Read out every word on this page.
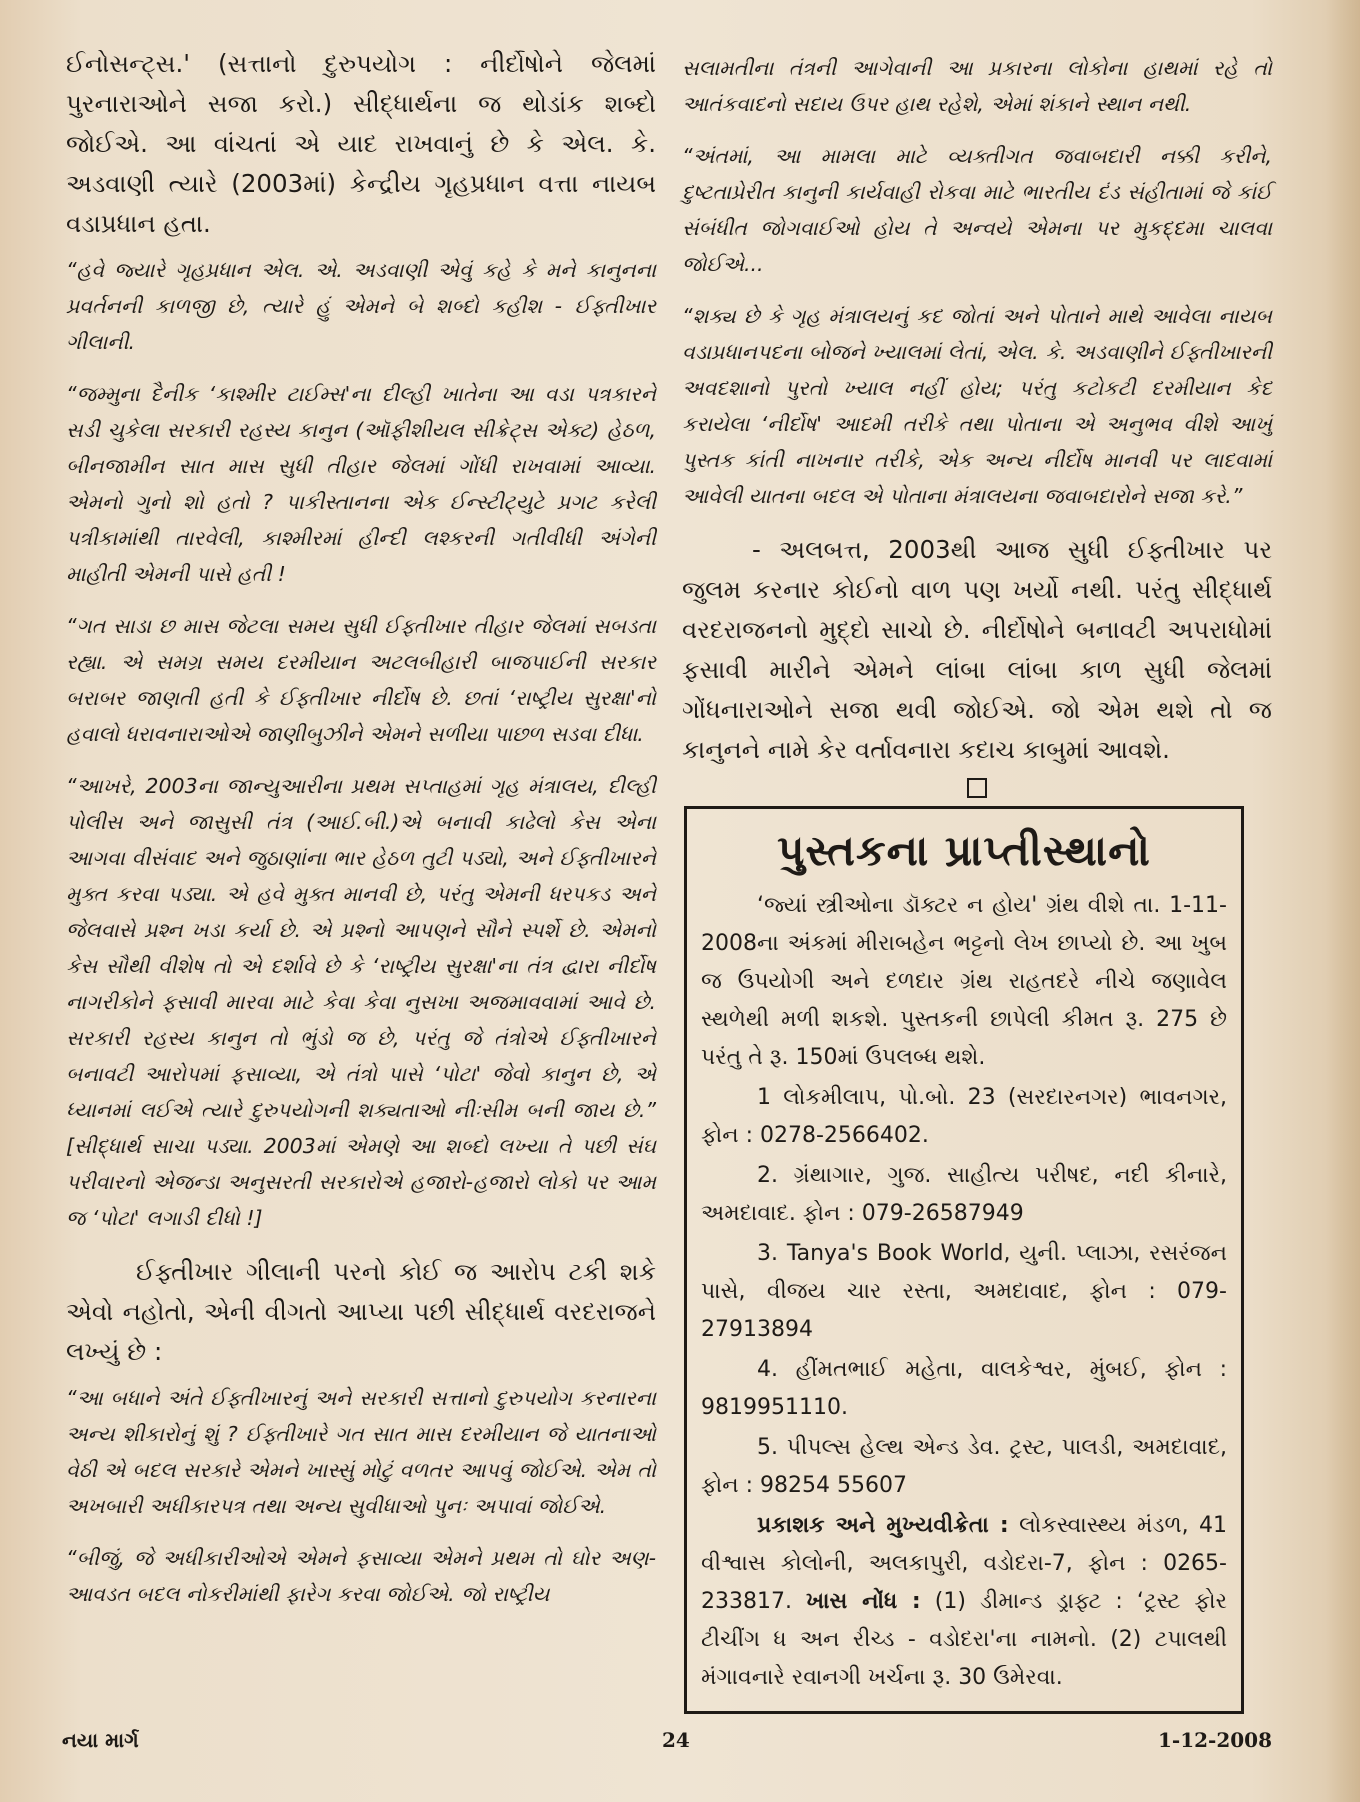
ઈનોસન્ટ્સ.' (સત્તાનો દુરુપયોગ : નીર્દોષોને જેલમાં પુરનારાઓને સજા કરો.) સીદ્ધાર્થના જ થોડાંક શબ્દો જોઈએ. આ વાંચતાં એ યાદ રાખવાનું છે કે એલ. કે. અડવાણી ત્યારે (2003માં) કેન્દ્રીય ગૃહપ્રધાન વત્તા નાયબ વડાપ્રધાન હતા.

“હવે જ્યારે ગૃહપ્રધાન એલ. એ. અડવાણી એવું કહે કે મને કાનુનના પ્રવર્તનની કાળજી છે, ત્યારે હું એમને બે શબ્દો કહીશ - ઈફ્તીખાર ગીલાની.

“જમ્મુના દૈનીક ‘કાશ્મીર ટાઈમ્સ'ના દીલ્હી ખાતેના આ વડા પત્રકારને સડી ચુકેલા સરકારી રહસ્ય કાનુન (ઑફીશીયલ સીક્રેટ્સ એક્ટ) હેઠળ, બીનજામીન સાત માસ સુધી તીહાર જેલમાં ગોંધી રાખવામાં આવ્યા. એમનો ગુનો શો હતો ? પાકીસ્તાનના એક ઈન્સ્ટીટ્યુટે પ્રગટ કરેલી પત્રીકામાંથી તારવેલી, કાશ્મીરમાં હીન્દી લશ્કરની ગતીવીધી અંગેની માહીતી એમની પાસે હતી !

“ગત સાડા છ માસ જેટલા સમય સુધી ઈફ્તીખાર તીહાર જેલમાં સબડતા રહ્યા. એ સમગ્ર સમય દરમીયાન અટલબીહારી બાજપાઈની સરકાર બરાબર જાણતી હતી કે ઈફ્તીખાર નીર્દોષ છે. છતાં ‘રાષ્ટ્રીય સુરક્ષા'નો હવાલો ધરાવનારાઓએ જાણીબુઝીને એમને સળીયા પાછળ સડવા દીધા.

“આખરે, 2003ના જાન્યુઆરીના પ્રથમ સપ્તાહમાં ગૃહ મંત્રાલય, દીલ્હી પોલીસ અને જાસુસી તંત્ર (આઈ.બી.)એ બનાવી કાઢેલો કેસ એના આગવા વીસંવાદ અને જુઠાણાંના ભાર હેઠળ તુટી પડ્યો, અને ઈફ્તીખારને મુક્ત કરવા પડ્યા. એ હવે મુક્ત માનવી છે, પરંતુ એમની ધરપકડ અને જેલવાસે પ્રશ્ન ખડા કર્યા છે. એ પ્રશ્નો આપણને સૌને સ્પર્શે છે. એમનો કેસ સૌથી વીશેષ તો એ દર્શાવે છે કે ‘રાષ્ટ્રીય સુરક્ષા'ના તંત્ર દ્વારા નીર્દોષ નાગરીકોને ફસાવી મારવા માટે કેવા કેવા નુસખા અજમાવવામાં આવે છે. સરકારી રહસ્ય કાનુન તો ભુંડો જ છે, પરંતુ જે તંત્રોએ ઈફ્તીખારને બનાવટી આરોપમાં ફસાવ્યા, એ તંત્રો પાસે ‘પોટા' જેવો કાનુન છે, એ ધ્યાનમાં લઈએ ત્યારે દુરુપયોગની શક્યતાઓ નીઃસીમ બની જાય છે.” [સીદ્ધાર્થ સાચા પડ્યા. 2003માં એમણે આ શબ્દો લખ્યા તે પછી સંઘ પરીવારનો એજન્ડા અનુસરતી સરકારોએ હજારો-હજારો લોકો પર આમ જ ‘પોટા' લગાડી દીધો !]

ઈફ્તીખાર ગીલાની પરનો કોઈ જ આરોપ ટકી શકે એવો નહોતો, એની વીગતો આપ્યા પછી સીદ્ધાર્થ વરદરાજને લખ્યું છે :

“આ બધાને અંતે ઈફ્તીખારનું અને સરકારી સત્તાનો દુરુપયોગ કરનારના અન્ય શીકારોનું શું ? ઈફ્તીખારે ગત સાત માસ દરમીયાન જે યાતનાઓ વેઠી એ બદલ સરકારે એમને ખાસ્સું મોટું વળતર આપવું જોઈએ. એમ તો અખબારી અધીકારપત્ર તથા અન્ય સુવીધાઓ પુનઃ અપાવાં જોઈએ.

“બીજું, જે અધીકારીઓએ એમને ફસાવ્યા એમને પ્રથમ તો ઘોર અણ-આવડત બદલ નોકરીમાંથી ફારેગ કરવા જોઈએ. જો રાષ્ટ્રીય

સલામતીના તંત્રની આગેવાની આ પ્રકારના લોકોના હાથમાં રહે તો આતંકવાદનો સદાય ઉપર હાથ રહેશે, એમાં શંકાને સ્થાન નથી.

“અંતમાં, આ મામલા માટે વ્યક્તીગત જવાબદારી નક્કી કરીને, દુષ્ટતાપ્રેરીત કાનુની કાર્યવાહી રોકવા માટે ભારતીય દંડ સંહીતામાં જે કાંઈ સંબંધીત જોગવાઈઓ હોય તે અન્વયે એમના પર મુકદ્દમા ચાલવા જોઈએ...

“શક્ય છે કે ગૃહ મંત્રાલયનું કદ જોતાં અને પોતાને માથે આવેલા નાયબ વડાપ્રધાનપદના બોજને ખ્યાલમાં લેતાં, એલ. કે. અડવાણીને ઈફ્તીખારની અવદશાનો પુરતો ખ્યાલ નહીં હોય; પરંતુ કટોકટી દરમીયાન કેદ કરાયેલા ‘નીર્દોષ' આદમી તરીકે તથા પોતાના એ અનુભવ વીશે આખું પુસ્તક કાંતી નાખનાર તરીકે, એક અન્ય નીર્દોષ માનવી પર લાદવામાં આવેલી યાતના બદલ એ પોતાના મંત્રાલયના જવાબદારોને સજા કરે.”

- અલબત્ત, 2003થી આજ સુધી ઈફ્તીખાર પર જુલમ કરનાર કોઈનો વાળ પણ ખર્યો નથી. પરંતુ સીદ્ધાર્થ વરદરાજનનો મુદ્દો સાચો છે. નીર્દોષોને બનાવટી અપરાધોમાં ફસાવી મારીને એમને લાંબા લાંબા કાળ સુધી જેલમાં ગોંધનારાઓને સજા થવી જોઈએ. જો એમ થશે તો જ કાનુનને નામે કેર વર્તાવનારા કદાચ કાબુમાં આવશે.

પુસ્તકના પ્રાપ્તીસ્થાનો

‘જ્યાં સ્ત્રીઓના ડૉક્ટર ન હોય' ગ્રંથ વીશે તા. 1-11-2008ના અંકમાં મીરાબહેન ભટ્ટનો લેખ છાપ્યો છે. આ ખુબ જ ઉપયોગી અને દળદાર ગ્રંથ રાહતદરે નીચે જણાવેલ સ્થળેથી મળી શકશે. પુસ્તકની છાપેલી કીમત રૂ. 275 છે પરંતુ તે રૂ. 150માં ઉપલબ્ધ થશે.

1 લોકમીલાપ, પો.બો. 23 (સરદારનગર) ભાવનગર, ફોન : 0278-2566402.

2. ગ્રંથાગાર, ગુજ. સાહીત્ય પરીષદ, નદી કીનારે, અમદાવાદ. ફોન : 079-26587949

3. Tanya's Book World, યુની. પ્લાઝા, રસરંજન પાસે, વીજય ચાર રસ્તા, અમદાવાદ, ફોન : 079-27913894

4. હીંમતભાઈ મહેતા, વાલકેશ્વર, મુંબઈ, ફોન : 9819951110.

5. પીપલ્સ હેલ્થ એન્ડ ડેવ. ટ્રસ્ટ, પાલડી, અમદાવાદ, ફોન : 98254 55607

પ્રકાશક અને મુખ્યવીક્રેતા : લોકસ્વાસ્થ્ય મંડળ, 41 વીશ્વાસ કોલોની, અલકાપુરી, વડોદરા-7, ફોન : 0265-233817. ખાસ નોંધ : (1) ડીમાન્ડ ડ્રાફ્ટ : ‘ટ્રસ્ટ ફોર ટીચીંગ ધ અન રીચ્ડ - વડોદરા'ના નામનો. (2) ટપાલથી મંગાવનારે રવાનગી ખર્ચના રૂ. 30 ઉમેરવા.

નયા માર્ગ	24	1-12-2008
